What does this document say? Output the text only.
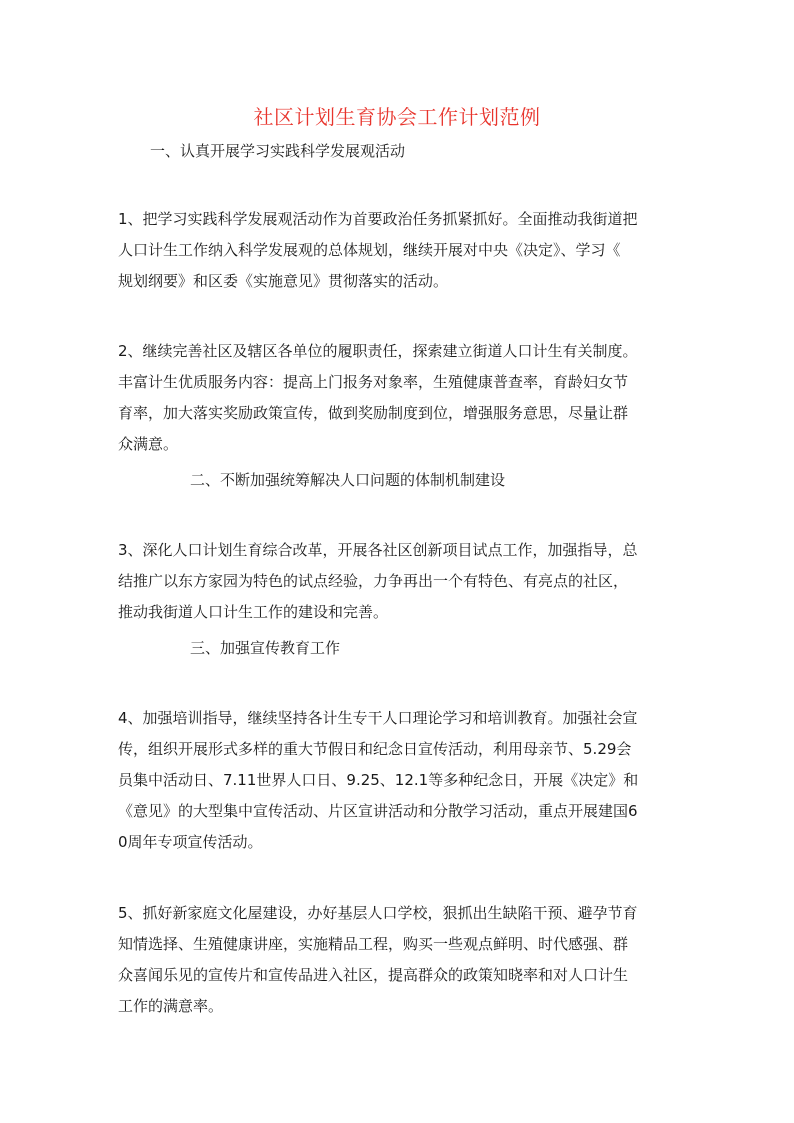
社区计划生育协会工作计划范例
一、认真开展学习实践科学发展观活动
1、把学习实践科学发展观活动作为首要政治任务抓紧抓好。全面推动我街道把
人口计生工作纳入科学发展观的总体规划，继续开展对中央《决定》、学习《
规划纲要》和区委《实施意见》贯彻落实的活动。
2、继续完善社区及辖区各单位的履职责任，探索建立街道人口计生有关制度。
丰富计生优质服务内容：提高上门报务对象率，生殖健康普查率，育龄妇女节
育率，加大落实奖励政策宣传，做到奖励制度到位，增强服务意思，尽量让群
众满意。
二、不断加强统筹解决人口问题的体制机制建设
3、深化人口计划生育综合改革，开展各社区创新项目试点工作，加强指导，总
结推广以东方家园为特色的试点经验，力争再出一个有特色、有亮点的社区，
推动我街道人口计生工作的建设和完善。
三、加强宣传教育工作
4、加强培训指导，继续坚持各计生专干人口理论学习和培训教育。加强社会宣
传，组织开展形式多样的重大节假日和纪念日宣传活动，利用母亲节、5.29会
员集中活动日、7.11世界人口日、9.25、12.1等多种纪念日，开展《决定》和
《意见》的大型集中宣传活动、片区宣讲活动和分散学习活动，重点开展建国6
0周年专项宣传活动。
5、抓好新家庭文化屋建设，办好基层人口学校，狠抓出生缺陷干预、避孕节育
知情选择、生殖健康讲座，实施精品工程，购买一些观点鲜明、时代感强、群
众喜闻乐见的宣传片和宣传品进入社区，提高群众的政策知晓率和对人口计生
工作的满意率。
